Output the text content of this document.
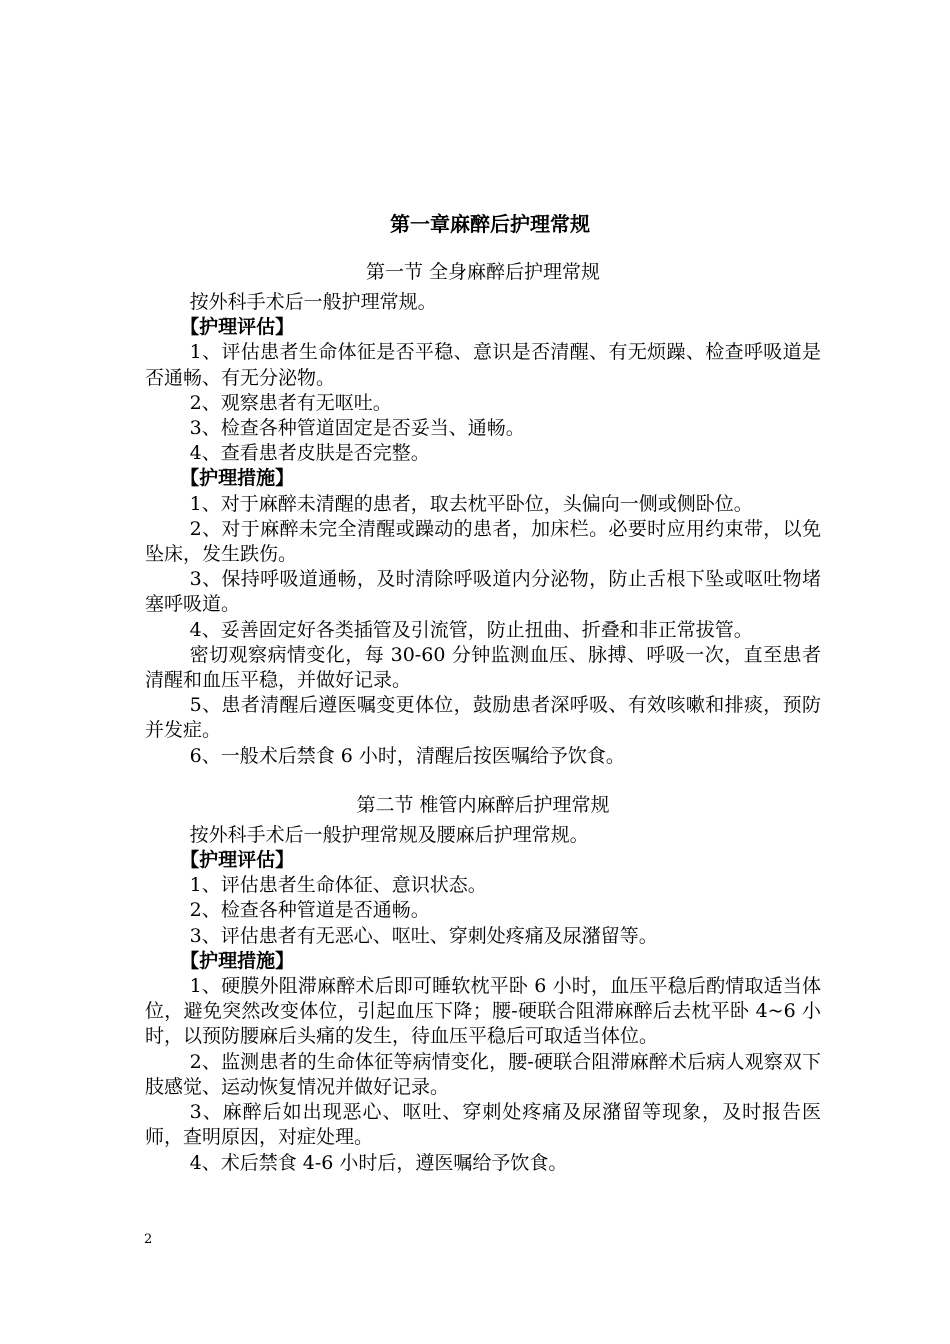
第一章麻醉后护理常规
第一节 全身麻醉后护理常规

按外科手术后一般护理常规。

【护理评估】

1、评估患者生命体征是否平稳、意识是否清醒、有无烦躁、检查呼吸道是否通畅、有无分泌物。

2、观察患者有无呕吐。

3、检查各种管道固定是否妥当、通畅。

4、查看患者皮肤是否完整。

【护理措施】

1、对于麻醉未清醒的患者，取去枕平卧位，头偏向一侧或侧卧位。

2、对于麻醉未完全清醒或躁动的患者，加床栏。必要时应用约束带，以免坠床，发生跌伤。

3、保持呼吸道通畅，及时清除呼吸道内分泌物，防止舌根下坠或呕吐物堵塞呼吸道。

4、妥善固定好各类插管及引流管，防止扭曲、折叠和非正常拔管。

密切观察病情变化，每 30-60 分钟监测血压、脉搏、呼吸一次，直至患者清醒和血压平稳，并做好记录。

5、患者清醒后遵医嘱变更体位，鼓励患者深呼吸、有效咳嗽和排痰，预防并发症。

6、一般术后禁食 6 小时，清醒后按医嘱给予饮食。

第二节 椎管内麻醉后护理常规

按外科手术后一般护理常规及腰麻后护理常规。

【护理评估】

1、评估患者生命体征、意识状态。

2、检查各种管道是否通畅。

3、评估患者有无恶心、呕吐、穿刺处疼痛及尿潴留等。

【护理措施】

1、硬膜外阻滞麻醉术后即可睡软枕平卧 6 小时，血压平稳后酌情取适当体位，避免突然改变体位，引起血压下降；腰-硬联合阻滞麻醉后去枕平卧 4~6 小时，以预防腰麻后头痛的发生，待血压平稳后可取适当体位。

2、监测患者的生命体征等病情变化，腰-硬联合阻滞麻醉术后病人观察双下肢感觉、运动恢复情况并做好记录。

3、麻醉后如出现恶心、呕吐、穿刺处疼痛及尿潴留等现象，及时报告医师，查明原因，对症处理。

4、术后禁食 4-6 小时后，遵医嘱给予饮食。

2
